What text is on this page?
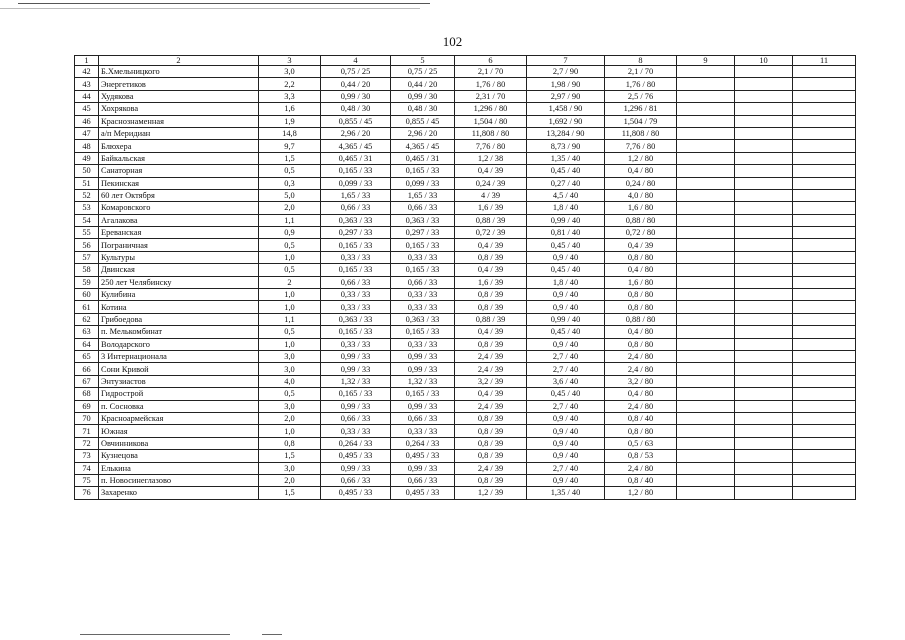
102
1	2	3	4	5	6	7	8	9	10	11
42	Б.Хмельницкого	3,0	0,75 / 25	0,75 / 25	2,1 / 70	2,7 / 90	2,1 / 70			
43	Энергетиков	2,2	0,44 / 20	0,44 / 20	1,76 / 80	1,98 / 90	1,76 / 80			
44	Худякова	3,3	0,99 / 30	0,99 / 30	2,31 / 70	2,97 / 90	2,5 / 76			
45	Хохрякова	1,6	0,48 / 30	0,48 / 30	1,296 / 80	1,458 / 90	1,296 / 81			
46	Краснознаменная	1,9	0,855 / 45	0,855 / 45	1,504 / 80	1,692 / 90	1,504 / 79			
47	а/п Меридиан	14,8	2,96 / 20	2,96 / 20	11,808 / 80	13,284 / 90	11,808 / 80			
48	Блюхера	9,7	4,365 / 45	4,365 / 45	7,76 / 80	8,73 / 90	7,76 / 80			
49	Байкальская	1,5	0,465 / 31	0,465 / 31	1,2 / 38	1,35 / 40	1,2 / 80			
50	Санаторная	0,5	0,165 / 33	0,165 / 33	0,4 / 39	0,45 / 40	0,4 / 80			
51	Пекинская	0,3	0,099 / 33	0,099 / 33	0,24 / 39	0,27 / 40	0,24 / 80			
52	60 лет Октября	5,0	1,65 / 33	1,65 / 33	4 / 39	4,5 / 40	4,0 / 80			
53	Комаровского	2,0	0,66 / 33	0,66 / 33	1,6 / 39	1,8 / 40	1,6 / 80			
54	Агалакова	1,1	0,363 / 33	0,363 / 33	0,88 / 39	0,99 / 40	0,88 / 80			
55	Ереванская	0,9	0,297 / 33	0,297 / 33	0,72 / 39	0,81 / 40	0,72 / 80			
56	Пограничная	0,5	0,165 / 33	0,165 / 33	0,4 / 39	0,45 / 40	0,4 / 39			
57	Культуры	1,0	0,33 / 33	0,33 / 33	0,8 / 39	0,9 / 40	0,8 / 80			
58	Двинская	0,5	0,165 / 33	0,165 / 33	0,4 / 39	0,45 / 40	0,4 / 80			
59	250 лет Челябинску	2	0,66 / 33	0,66 / 33	1,6 / 39	1,8 / 40	1,6 / 80			
60	Кулибина	1,0	0,33 / 33	0,33 / 33	0,8 / 39	0,9 / 40	0,8 / 80			
61	Котина	1,0	0,33 / 33	0,33 / 33	0,8 / 39	0,9 / 40	0,8 / 80			
62	Грибоедова	1,1	0,363 / 33	0,363 / 33	0,88 / 39	0,99 / 40	0,88 / 80			
63	п. Мелькомбинат	0,5	0,165 / 33	0,165 / 33	0,4 / 39	0,45 / 40	0,4 / 80			
64	Володарского	1,0	0,33 / 33	0,33 / 33	0,8 / 39	0,9 / 40	0,8 / 80			
65	3 Интернационала	3,0	0,99 / 33	0,99 / 33	2,4 / 39	2,7 / 40	2,4 / 80			
66	Сони Кривой	3,0	0,99 / 33	0,99 / 33	2,4 / 39	2,7 / 40	2,4 / 80			
67	Энтузиастов	4,0	1,32 / 33	1,32 / 33	3,2 / 39	3,6 / 40	3,2 / 80			
68	Гидрострой	0,5	0,165 / 33	0,165 / 33	0,4 / 39	0,45 / 40	0,4 / 80			
69	п. Сосновка	3,0	0,99 / 33	0,99 / 33	2,4 / 39	2,7 / 40	2,4 / 80			
70	Красноармейская	2,0	0,66 / 33	0,66 / 33	0,8 / 39	0,9 / 40	0,8 / 40			
71	Южная	1,0	0,33 / 33	0,33 / 33	0,8 / 39	0,9 / 40	0,8 / 80			
72	Овчинникова	0,8	0,264 / 33	0,264 / 33	0,8 / 39	0,9 / 40	0,5 / 63			
73	Кузнецова	1,5	0,495 / 33	0,495 / 33	0,8 / 39	0,9 / 40	0,8 / 53			
74	Елькина	3,0	0,99 / 33	0,99 / 33	2,4 / 39	2,7 / 40	2,4 / 80			
75	п. Новосинеглазово	2,0	0,66 / 33	0,66 / 33	0,8 / 39	0,9 / 40	0,8 / 40			
76	Захаренко	1,5	0,495 / 33	0,495 / 33	1,2 / 39	1,35 / 40	1,2 / 80			
